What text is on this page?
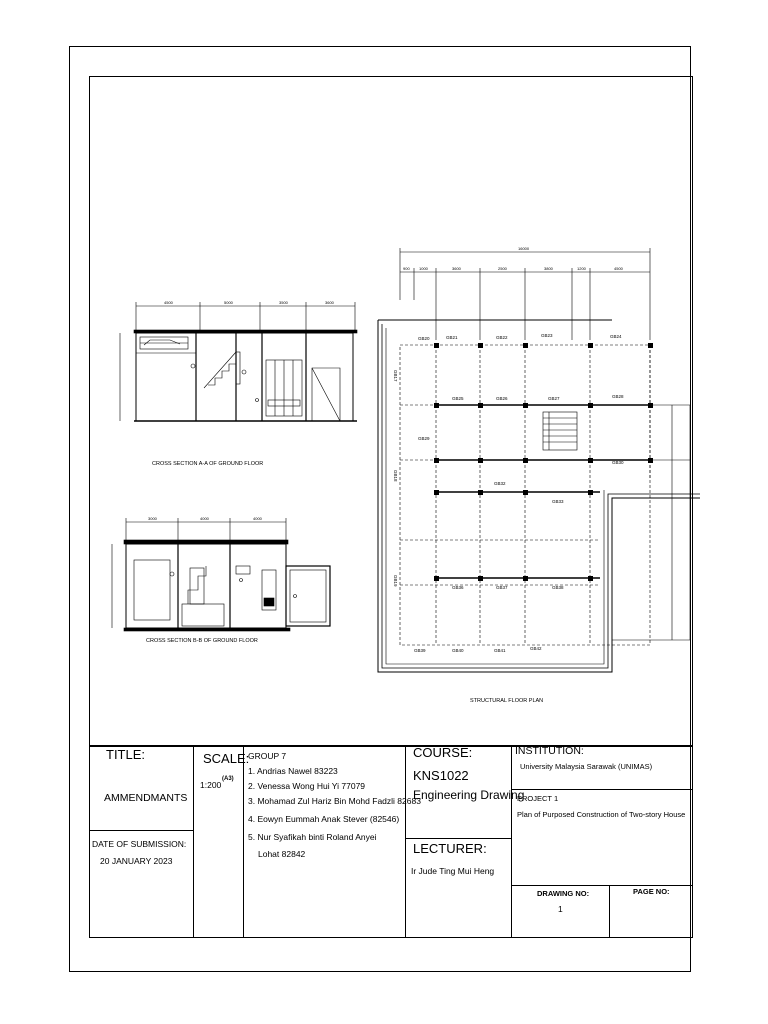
4500	5000	3500	3600
CROSS SECTION A-A OF GROUND FLOOR
3000	4000	4000
CROSS SECTION B-B OF GROUND FLOOR
16000
900 1000	3600	2500	3800	1200	4500
GB20	GB21	GB22	GB23	GB24
GB25	GB26	GB27	GB28
GB29
GB30
GB32
GB33
GB36	GB37	GB38
GB39	GB40	GB41	GB42
GB17
GB18
GB19
STRUCTURAL FLOOR PLAN
TITLE:
AMMENDMANTS
DATE OF SUBMISSION:
20 JANUARY 2023
SCALE:
1:200
(A3)
GROUP 7
1. Andrias Nawel 83223
2. Venessa Wong Hui Yi 77079
3. Mohamad Zul Hariz Bin Mohd Fadzli 82683
4. Eowyn Eummah Anak Stever (82546)
5. Nur Syafikah binti Roland Anyei
Lohat 82842
COURSE:
KNS1022
Engineering Drawing
LECTURER:
Ir Jude Ting Mui Heng
INSTITUTION:
University Malaysia Sarawak (UNIMAS)
PROJECT 1
Plan of Purposed Construction of Two-story House
DRAWING NO:
1
PAGE NO:
